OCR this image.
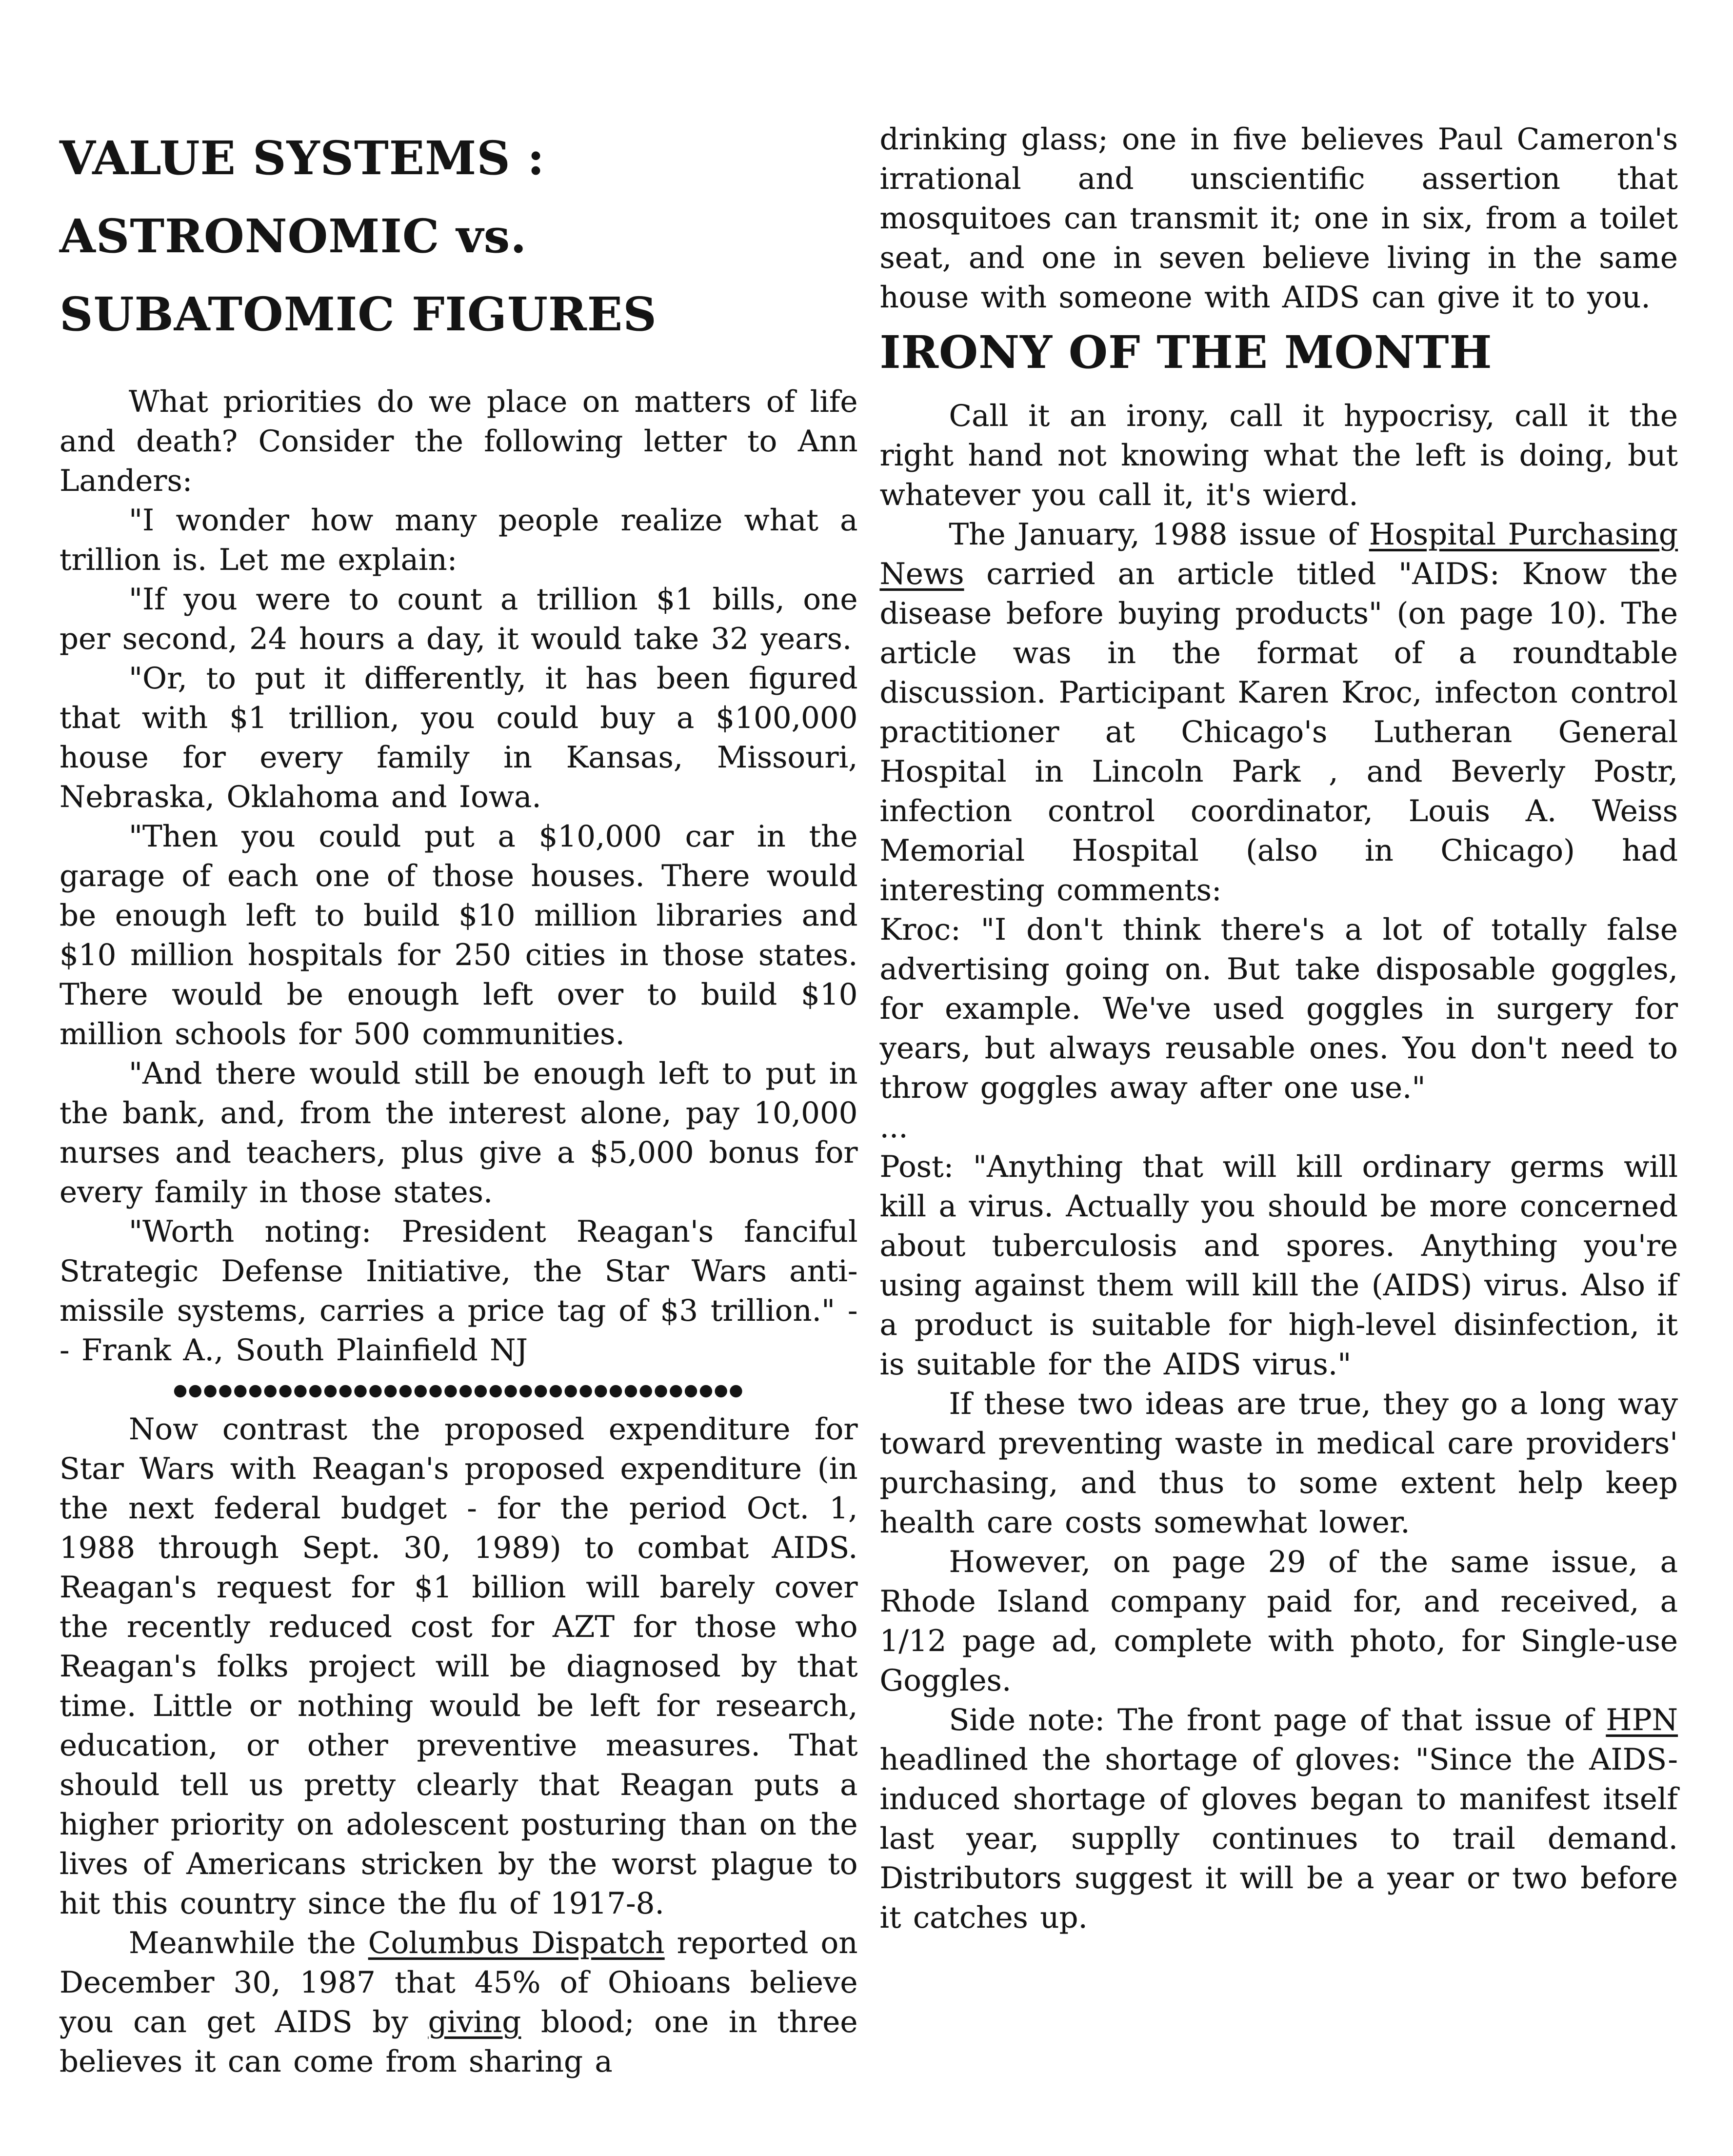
VALUE SYSTEMS : ASTRONOMIC vs. SUBATOMIC FIGURES

What priorities do we place on matters of life and death? Consider the following letter to Ann Landers:

"I wonder how many people realize what a trillion is. Let me explain:

"If you were to count a trillion $1 bills, one per second, 24 hours a day, it would take 32 years.

"Or, to put it differently, it has been figured that with $1 trillion, you could buy a $100,000 house for every family in Kansas, Missouri, Nebraska, Oklahoma and Iowa.

"Then you could put a $10,000 car in the garage of each one of those houses. There would be enough left to build $10 million libraries and $10 million hospitals for 250 cities in those states. There would be enough left over to build $10 million schools for 500 communities.

"And there would still be enough left to put in the bank, and, from the interest alone, pay 10,000 nurses and teachers, plus give a $5,000 bonus for every family in those states.

"Worth noting: President Reagan's fanciful Strategic Defense Initiative, the Star Wars anti-missile systems, carries a price tag of $3 trillion." -- Frank A., South Plainfield NJ

●●●●●●●●●●●●●●●●●●●●●●●●●●●●●●●●●●●●●●

Now contrast the proposed expenditure for Star Wars with Reagan's proposed expenditure (in the next federal budget - for the period Oct. 1, 1988 through Sept. 30, 1989) to combat AIDS. Reagan's request for $1 billion will barely cover the recently reduced cost for AZT for those who Reagan's folks project will be diagnosed by that time. Little or nothing would be left for research, education, or other preventive measures. That should tell us pretty clearly that Reagan puts a higher priority on adolescent posturing than on the lives of Americans stricken by the worst plague to hit this country since the flu of 1917-8.

Meanwhile the Columbus Dispatch reported on December 30, 1987 that 45% of Ohioans believe you can get AIDS by giving blood; one in three believes it can come from sharing a

drinking glass; one in five believes Paul Cameron's irrational and unscientific assertion that mosquitoes can transmit it; one in six, from a toilet seat, and one in seven believe living in the same house with someone with AIDS can give it to you.

IRONY OF THE MONTH

Call it an irony, call it hypocrisy, call it the right hand not knowing what the left is doing, but whatever you call it, it's wierd.

The January, 1988 issue of Hospital Purchasing News carried an article titled "AIDS: Know the disease before buying products" (on page 10). The article was in the format of a roundtable discussion. Participant Karen Kroc, infecton control practitioner at Chicago's Lutheran General Hospital in Lincoln Park , and Beverly Postr, infection control coordinator, Louis A. Weiss Memorial Hospital (also in Chicago) had interesting comments:

Kroc: "I don't think there's a lot of totally false advertising going on. But take disposable goggles, for example. We've used goggles in surgery for years, but always reusable ones. You don't need to throw goggles away after one use."

...

Post: "Anything that will kill ordinary germs will kill a virus. Actually you should be more concerned about tuberculosis and spores. Anything you're using against them will kill the (AIDS) virus. Also if a product is suitable for high-level disinfection, it is suitable for the AIDS virus."

If these two ideas are true, they go a long way toward preventing waste in medical care providers' purchasing, and thus to some extent help keep health care costs somewhat lower.

However, on page 29 of the same issue, a Rhode Island company paid for, and received, a 1/12 page ad, complete with photo, for Single-use Goggles.

Side note: The front page of that issue of HPN headlined the shortage of gloves: "Since the AIDS-induced shortage of gloves began to manifest itself last year, supplly continues to trail demand. Distributors suggest it will be a year or two before it catches up.
